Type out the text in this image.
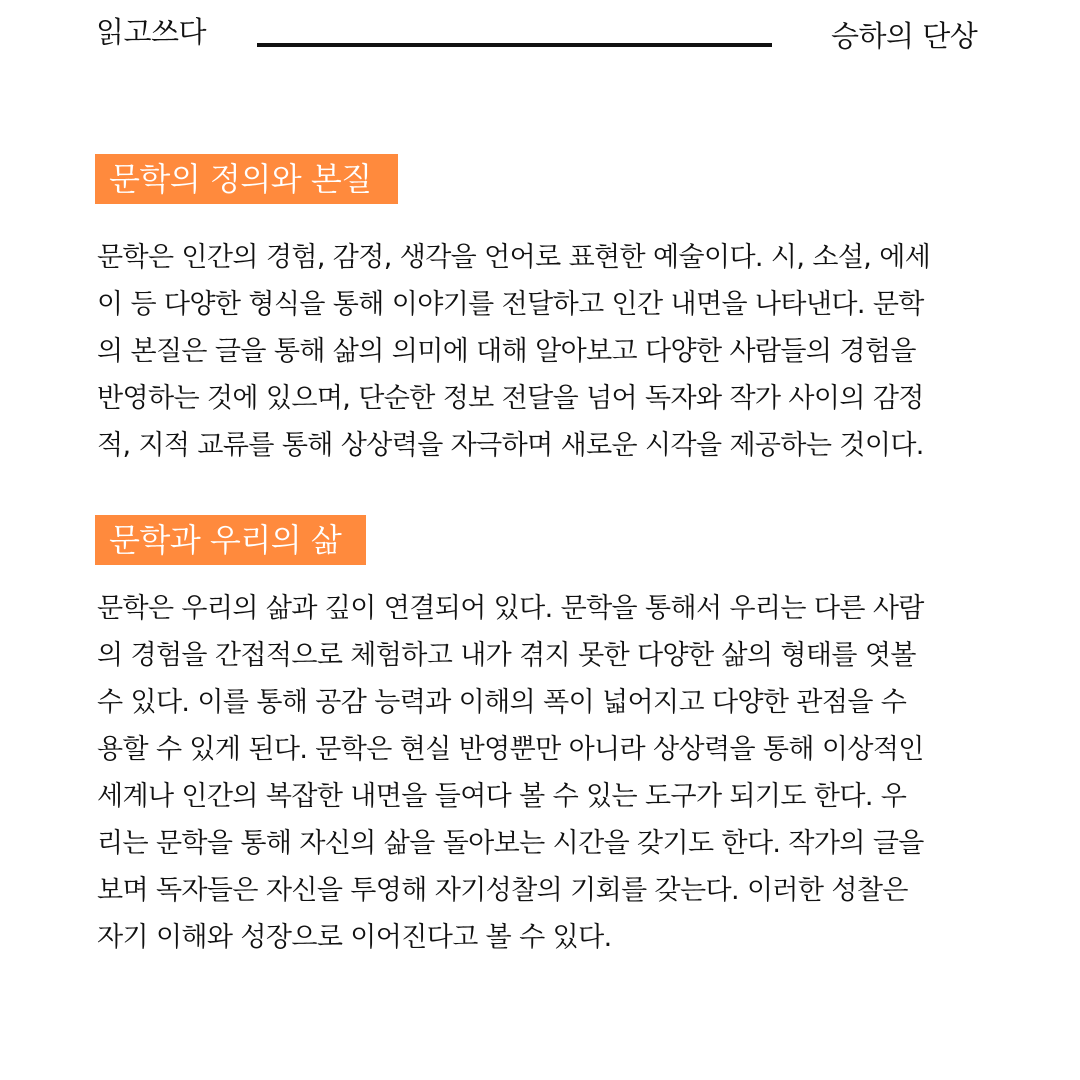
읽고쓰다	승하의 단상
문학의 정의와 본질
문학은 인간의 경험, 감정, 생각을 언어로 표현한 예술이다. 시, 소설, 에세
이 등 다양한 형식을 통해 이야기를 전달하고 인간 내면을 나타낸다. 문학
의 본질은 글을 통해 삶의 의미에 대해 알아보고 다양한 사람들의 경험을
반영하는 것에 있으며, 단순한 정보 전달을 넘어 독자와 작가 사이의 감정
적, 지적 교류를 통해 상상력을 자극하며 새로운 시각을 제공하는 것이다.
문학과 우리의 삶
문학은 우리의 삶과 깊이 연결되어 있다. 문학을 통해서 우리는 다른 사람
의 경험을 간접적으로 체험하고 내가 겪지 못한 다양한 삶의 형태를 엿볼
수 있다. 이를 통해 공감 능력과 이해의 폭이 넓어지고 다양한 관점을 수
용할 수 있게 된다. 문학은 현실 반영뿐만 아니라 상상력을 통해 이상적인
세계나 인간의 복잡한 내면을 들여다 볼 수 있는 도구가 되기도 한다. 우
리는 문학을 통해 자신의 삶을 돌아보는 시간을 갖기도 한다. 작가의 글을
보며 독자들은 자신을 투영해 자기성찰의 기회를 갖는다. 이러한 성찰은
자기 이해와 성장으로 이어진다고 볼 수 있다.
